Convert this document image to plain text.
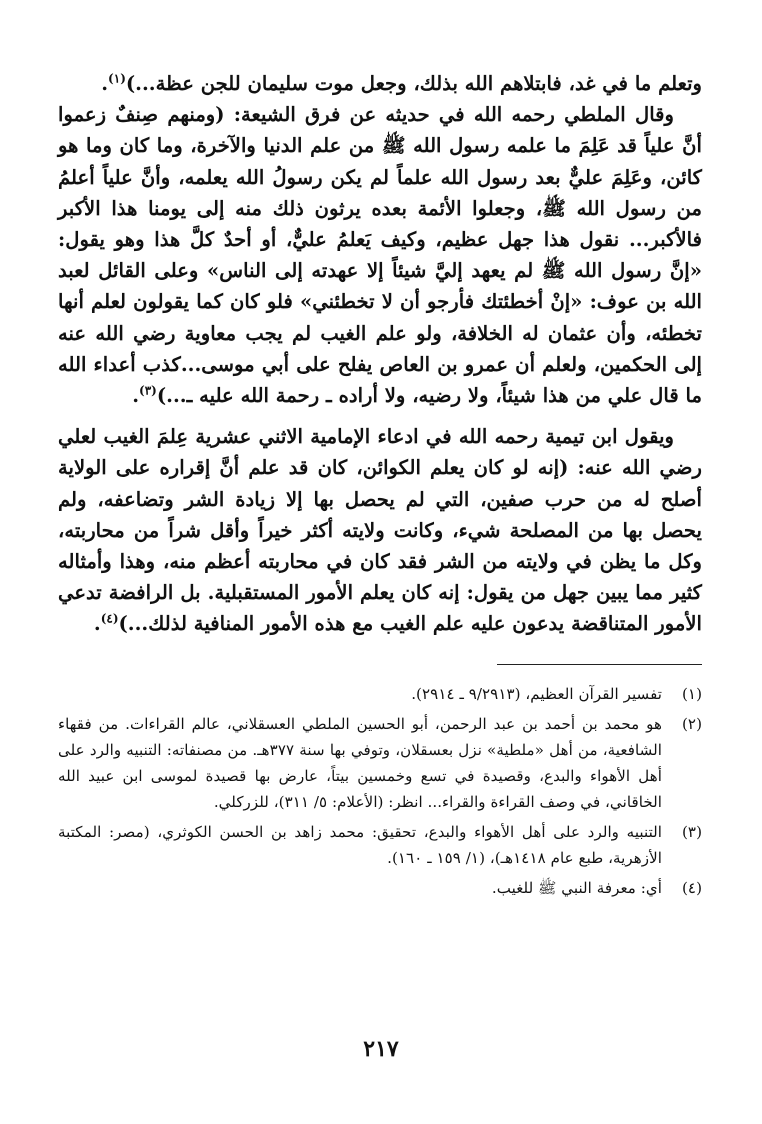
وتعلم ما في غد، فابتلاهم الله بذلك، وجعل موت سليمان للجن عظة...)$^{(١)}$.

وقال الملطي رحمه الله في حديثه عن فرق الشيعة: (ومنهم صِنفٌ زعموا أنَّ علياً قد عَلِمَ ما علمه رسول الله ﷺ من علم الدنيا والآخرة، وما كان وما هو كائن، وعَلِمَ عليٌّ بعد رسول الله علماً لم يكن رسولُ الله يعلمه، وأنَّ علياً أعلمُ من رسول الله ﷺ، وجعلوا الأئمة بعده يرثون ذلك منه إلى يومنا هذا الأكبر فالأكبر... نقول هذا جهل عظيم، وكيف يَعلمُ عليٌّ، أو أحدٌ كلَّ هذا وهو يقول: «إنَّ رسول الله ﷺ لم يعهد إليَّ شيئاً إلا عهدته إلى الناس» وعلى القائل لعبد الله بن عوف: «إنْ أخطئتك فأرجو أن لا تخطئني» فلو كان كما يقولون لعلم أنها تخطئه، وأن عثمان له الخلافة، ولو علم الغيب لم يجب معاوية رضي الله عنه إلى الحكمين، ولعلم أن عمرو بن العاص يفلح على أبي موسى...كذب أعداء الله ما قال علي من هذا شيئاً، ولا رضيه، ولا أراده ـ رحمة الله عليه ـ...)$^{(٣)}$.

ويقول ابن تيمية رحمه الله في ادعاء الإمامية الاثني عشرية عِلمَ الغيب لعلي رضي الله عنه: (إنه لو كان يعلم الكوائن، كان قد علم أنَّ إقراره على الولاية أصلح له من حرب صفين، التي لم يحصل بها إلا زيادة الشر وتضاعفه، ولم يحصل بها من المصلحة شيء، وكانت ولايته أكثر خيراً وأقل شراً من محاربته، وكل ما يظن في ولايته من الشر فقد كان في محاربته أعظم منه، وهذا وأمثاله كثير مما يبين جهل من يقول: إنه كان يعلم الأمور المستقبلية. بل الرافضة تدعي الأمور المتناقضة يدعون عليه علم الغيب مع هذه الأمور المنافية لذلك...)$^{(٤)}$.

(١)
تفسير القرآن العظيم، (٩/٢٩١٣ ـ ٢٩١٤).
(٢)
هو محمد بن أحمد بن عبد الرحمن، أبو الحسين الملطي العسقلاني، عالم القراءات. من فقهاء الشافعية، من أهل «ملطية» نزل بعسقلان، وتوفي بها سنة ٣٧٧هـ. من مصنفاته: التنبيه والرد على أهل الأهواء والبدع، وقصيدة في تسع وخمسين بيتاً، عارض بها قصيدة لموسى ابن عبيد الله الخاقاني، في وصف القراءة والقراء... انظر: (الأعلام: ٥/ ٣١١)، للزركلي.
(٣)
التنبيه والرد على أهل الأهواء والبدع، تحقيق: محمد زاهد بن الحسن الكوثري، (مصر: المكتبة الأزهرية، طبع عام ١٤١٨هـ)، (١/ ١٥٩ ـ ١٦٠).
(٤)
أي: معرفة النبي ﷺ للغيب.
٢١٧
